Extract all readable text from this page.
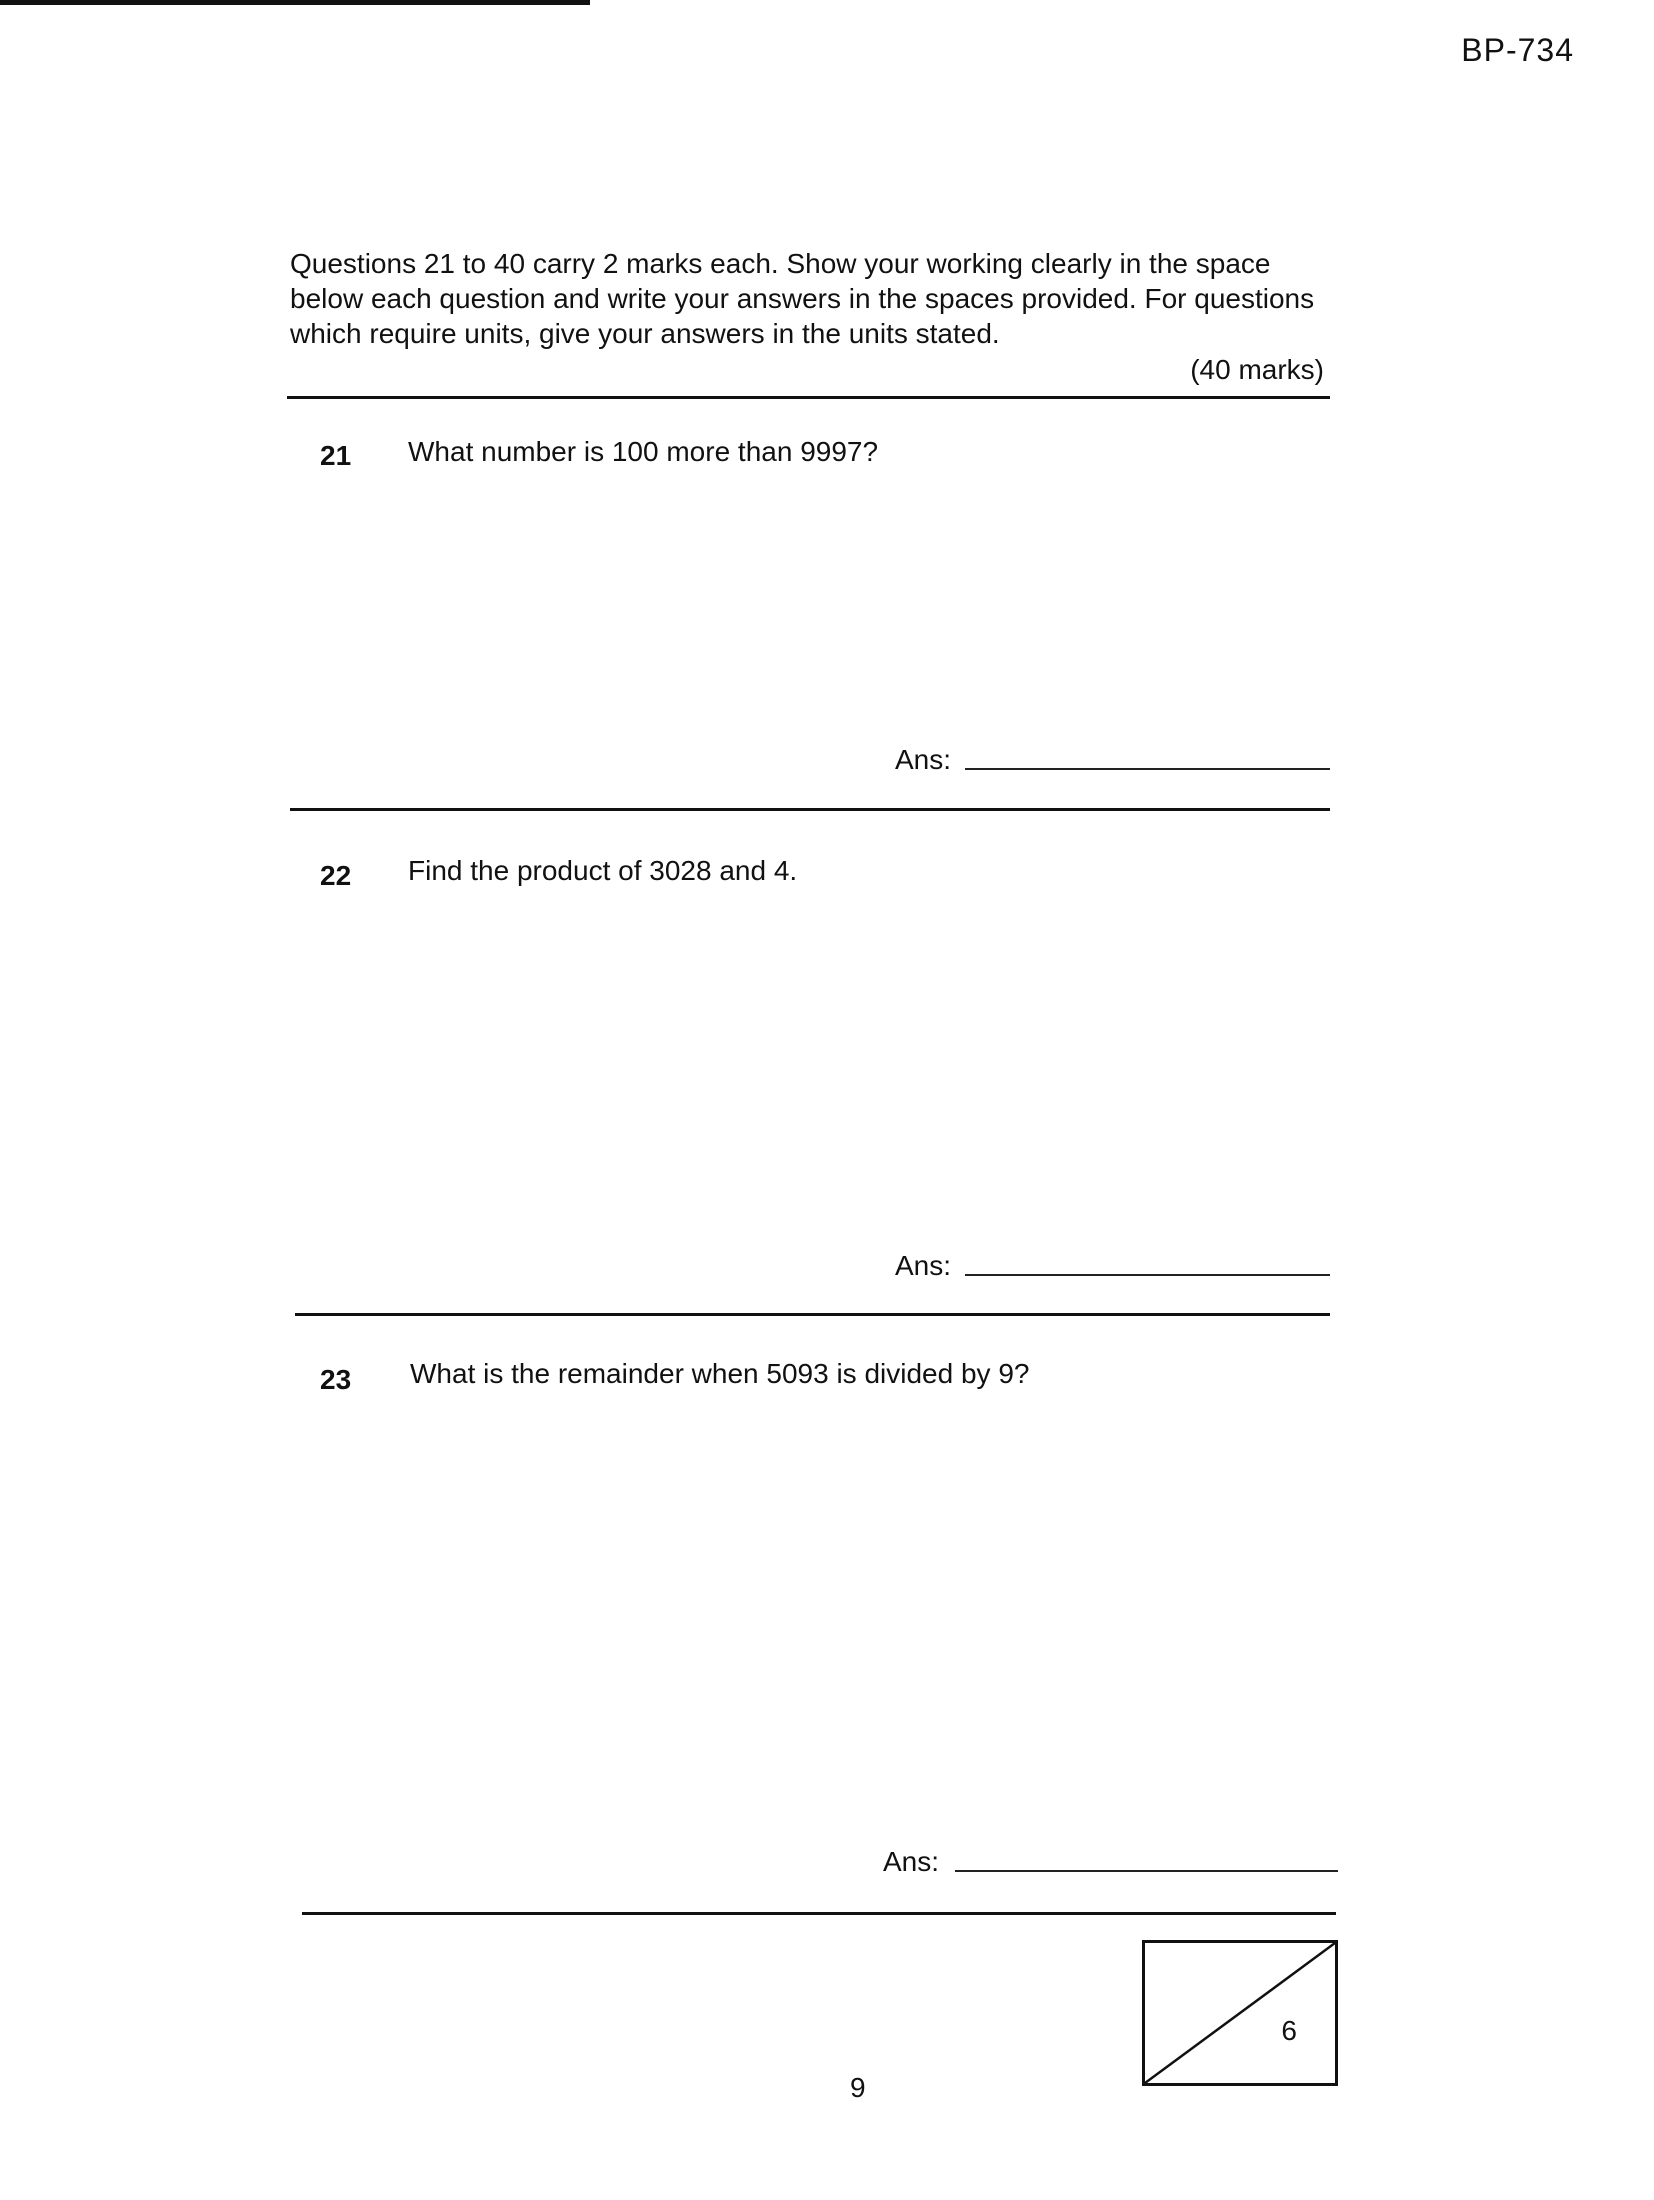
BP-734
Questions 21 to 40 carry 2 marks each. Show your working clearly in the space below each question and write your answers in the spaces provided. For questions which require units, give your answers in the units stated.
(40 marks)
21 What number is 100 more than 9997?
Ans:
22 Find the product of 3028 and 4.
Ans:
23 What is the remainder when 5093 is divided by 9?
Ans:
9
6
